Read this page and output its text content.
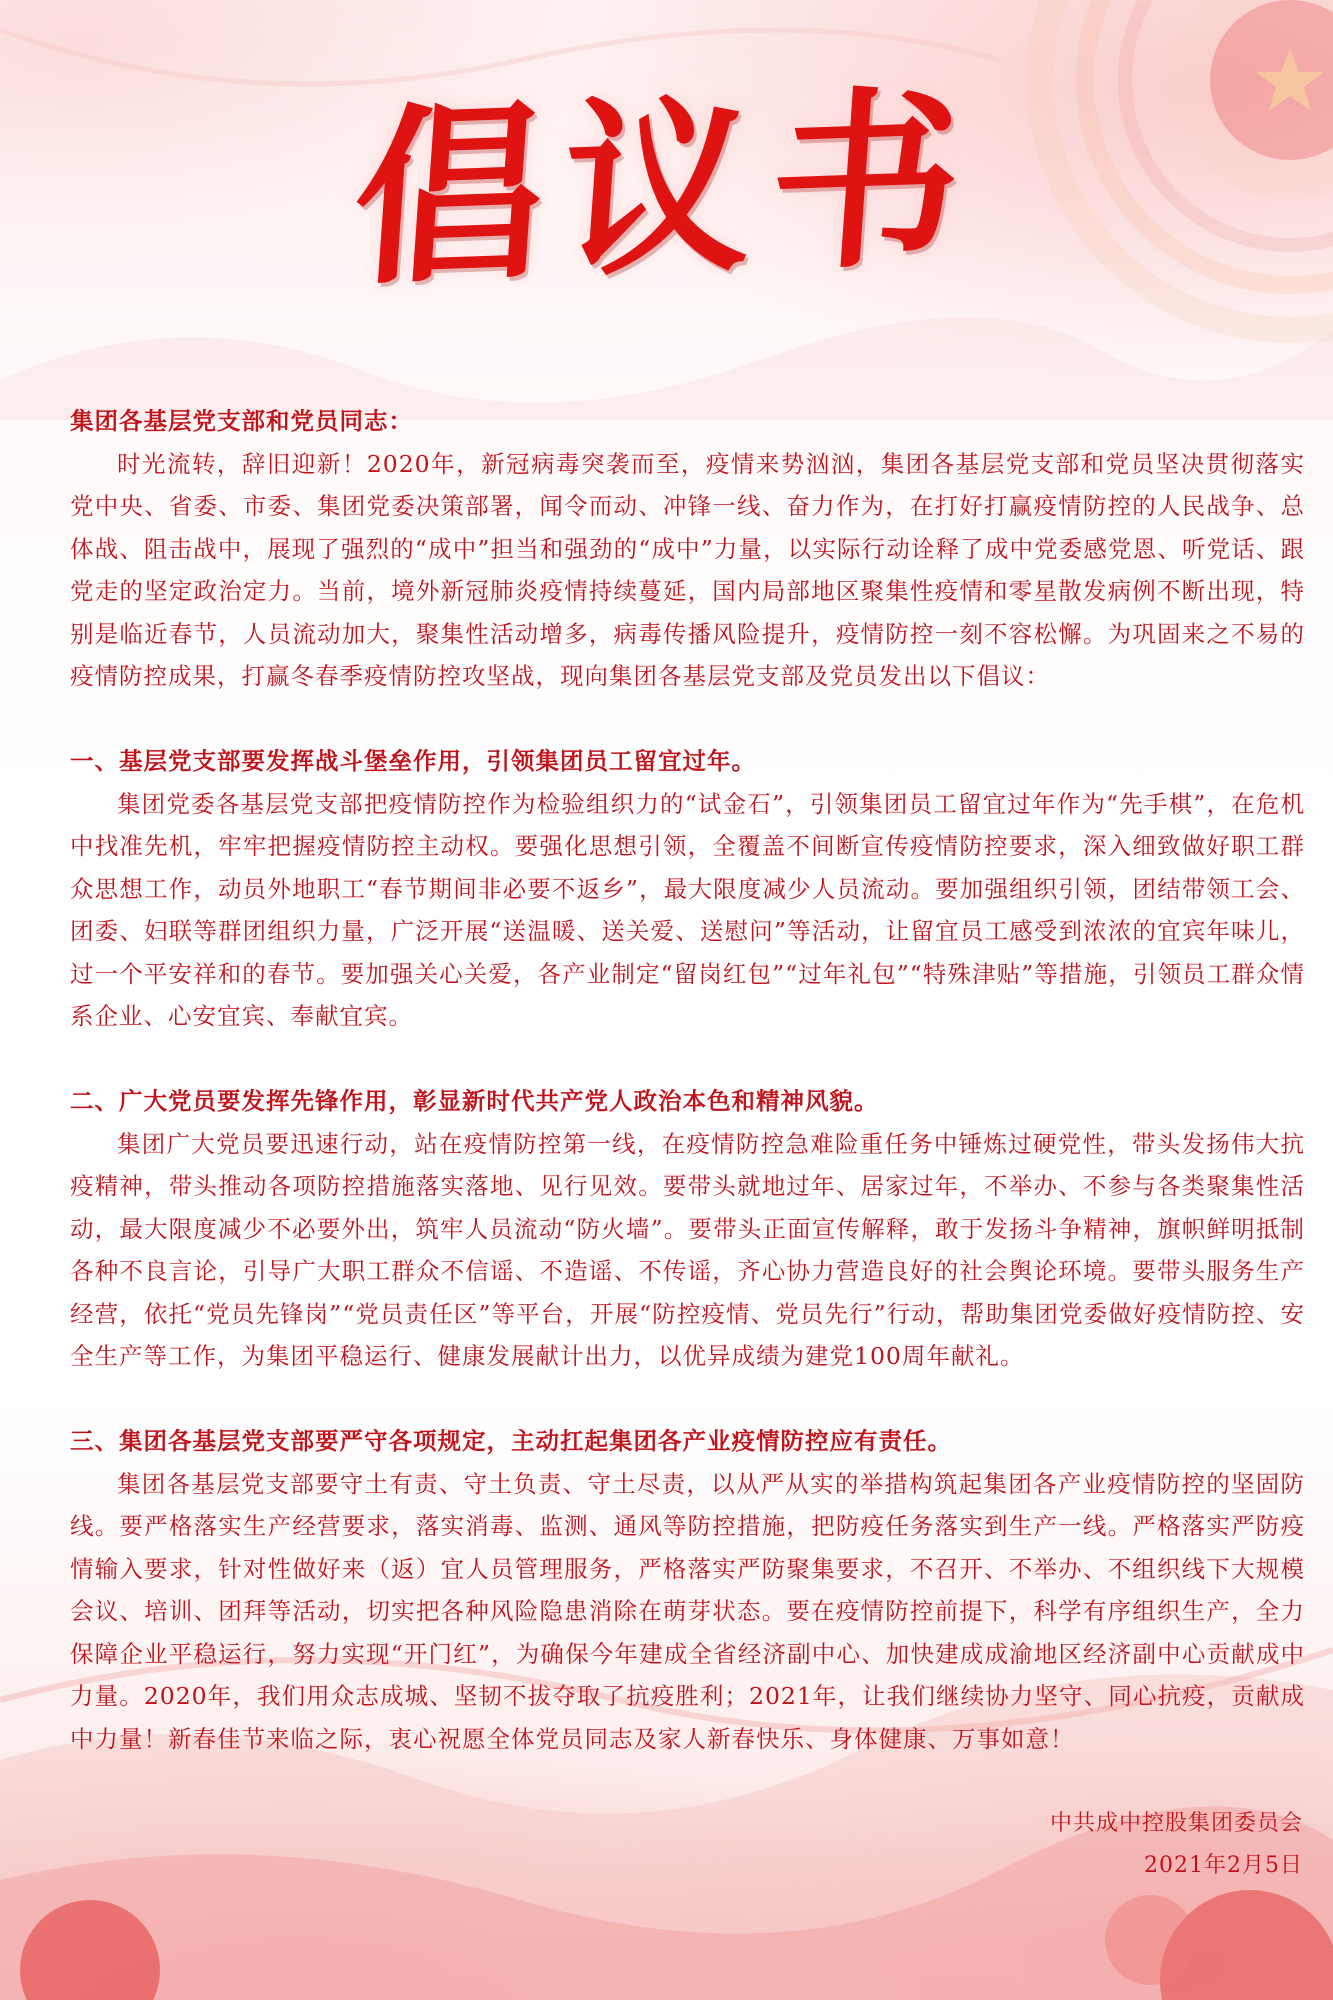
倡议书

集团各基层党支部和党员同志：

时光流转，辞旧迎新！2020年，新冠病毒突袭而至，疫情来势汹汹，集团各基层党支部和党员坚决贯彻落实党中央、省委、市委、集团党委决策部署，闻令而动、冲锋一线、奋力作为，在打好打赢疫情防控的人民战争、总体战、阻击战中，展现了强烈的“成中”担当和强劲的“成中”力量，以实际行动诠释了成中党委感党恩、听党话、跟党走的坚定政治定力。当前，境外新冠肺炎疫情持续蔓延，国内局部地区聚集性疫情和零星散发病例不断出现，特别是临近春节，人员流动加大，聚集性活动增多，病毒传播风险提升，疫情防控一刻不容松懈。为巩固来之不易的疫情防控成果，打赢冬春季疫情防控攻坚战，现向集团各基层党支部及党员发出以下倡议：

一、基层党支部要发挥战斗堡垒作用，引领集团员工留宜过年。

集团党委各基层党支部把疫情防控作为检验组织力的“试金石”，引领集团员工留宜过年作为“先手棋”，在危机中找准先机，牢牢把握疫情防控主动权。要强化思想引领，全覆盖不间断宣传疫情防控要求，深入细致做好职工群众思想工作，动员外地职工“春节期间非必要不返乡”，最大限度减少人员流动。要加强组织引领，团结带领工会、团委、妇联等群团组织力量，广泛开展“送温暖、送关爱、送慰问”等活动，让留宜员工感受到浓浓的宜宾年味儿，过一个平安祥和的春节。要加强关心关爱，各产业制定“留岗红包”“过年礼包”“特殊津贴”等措施，引领员工群众情系企业、心安宜宾、奉献宜宾。

二、广大党员要发挥先锋作用，彰显新时代共产党人政治本色和精神风貌。

集团广大党员要迅速行动，站在疫情防控第一线，在疫情防控急难险重任务中锤炼过硬党性，带头发扬伟大抗疫精神，带头推动各项防控措施落实落地、见行见效。要带头就地过年、居家过年，不举办、不参与各类聚集性活动，最大限度减少不必要外出，筑牢人员流动“防火墙”。要带头正面宣传解释，敢于发扬斗争精神，旗帜鲜明抵制各种不良言论，引导广大职工群众不信谣、不造谣、不传谣，齐心协力营造良好的社会舆论环境。要带头服务生产经营，依托“党员先锋岗”“党员责任区”等平台，开展“防控疫情、党员先行”行动，帮助集团党委做好疫情防控、安全生产等工作，为集团平稳运行、健康发展献计出力，以优异成绩为建党100周年献礼。

三、集团各基层党支部要严守各项规定，主动扛起集团各产业疫情防控应有责任。

集团各基层党支部要守土有责、守土负责、守土尽责，以从严从实的举措构筑起集团各产业疫情防控的坚固防线。要严格落实生产经营要求，落实消毒、监测、通风等防控措施，把防疫任务落实到生产一线。严格落实严防疫情输入要求，针对性做好来（返）宜人员管理服务，严格落实严防聚集要求，不召开、不举办、不组织线下大规模会议、培训、团拜等活动，切实把各种风险隐患消除在萌芽状态。要在疫情防控前提下，科学有序组织生产，全力保障企业平稳运行，努力实现“开门红”，为确保今年建成全省经济副中心、加快建成成渝地区经济副中心贡献成中力量。2020年，我们用众志成城、坚韧不拔夺取了抗疫胜利；2021年，让我们继续协力坚守、同心抗疫，贡献成中力量！新春佳节来临之际，衷心祝愿全体党员同志及家人新春快乐、身体健康、万事如意！

中共成中控股集团委员会
2021年2月5日
